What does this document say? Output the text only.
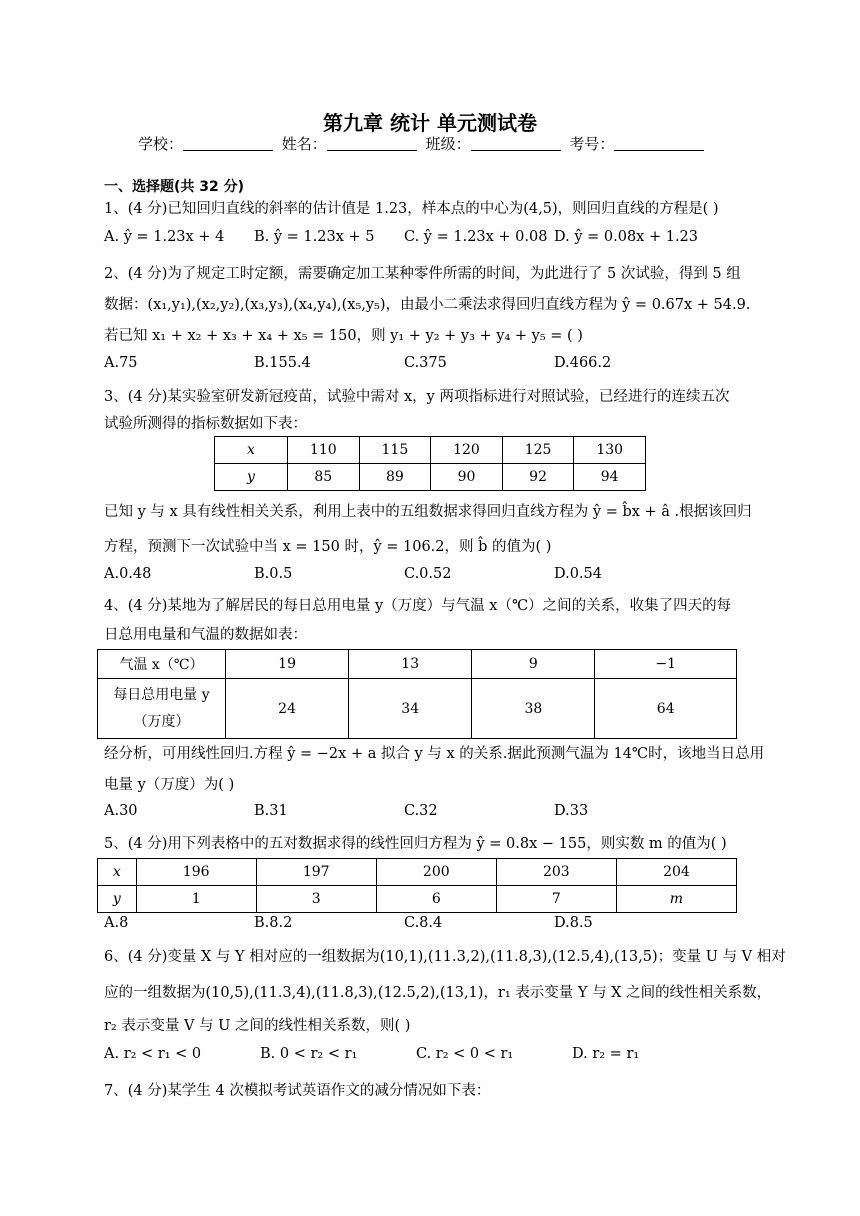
第九章 统计 单元测试卷
学校：	姓名：	班级：	考号：
一、选择题(共 32 分)
1、(4 分)已知回归直线的斜率的估计值是 1.23，样本点的中心为(4,5)，则回归直线的方程是( )
A. ŷ = 1.23x + 4 B. ŷ = 1.23x + 5 C. ŷ = 1.23x + 0.08 D. ŷ = 0.08x + 1.23
2、(4 分)为了规定工时定额，需要确定加工某种零件所需的时间，为此进行了 5 次试验，得到 5 组
数据：(x₁,y₁),(x₂,y₂),(x₃,y₃),(x₄,y₄),(x₅,y₅)，由最小二乘法求得回归直线方程为 ŷ = 0.67x + 54.9.
若已知 x₁ + x₂ + x₃ + x₄ + x₅ = 150，则 y₁ + y₂ + y₃ + y₄ + y₅ = ( )
A.75	B.155.4	C.375	D.466.2
3、(4 分)某实验室研发新冠疫苗，试验中需对 x，y 两项指标进行对照试验，已经进行的连续五次
试验所测得的指标数据如下表：
x	110	115	120	125	130
y	85	89	90	92	94
已知 y 与 x 具有线性相关关系，利用上表中的五组数据求得回归直线方程为 ŷ = b̂x + â .根据该回归
方程，预测下一次试验中当 x = 150 时，ŷ = 106.2，则 b̂ 的值为( )
A.0.48	B.0.5	C.0.52	D.0.54
4、(4 分)某地为了解居民的每日总用电量 y（万度）与气温 x（℃）之间的关系，收集了四天的每
日总用电量和气温的数据如表：
气温 x（℃）	19	13	9	−1

每日总用电量 y
（万度）	24	34	38	64
经分析，可用线性回归.方程 ŷ = −2x + a 拟合 y 与 x 的关系.据此预测气温为 14℃时，该地当日总用
电量 y（万度）为( )
A.30	B.31	C.32	D.33
5、(4 分)用下列表格中的五对数据求得的线性回归方程为 ŷ = 0.8x − 155，则实数 m 的值为( )
x	196	197	200	203	204
y	1	3	6	7	m
A.8	B.8.2	C.8.4	D.8.5
6、(4 分)变量 X 与 Y 相对应的一组数据为(10,1),(11.3,2),(11.8,3),(12.5,4),(13,5)；变量 U 与 V 相对
应的一组数据为(10,5),(11.3,4),(11.8,3),(12.5,2),(13,1)，r₁ 表示变量 Y 与 X 之间的线性相关系数，
r₂ 表示变量 V 与 U 之间的线性相关系数，则( )
A. r₂ < r₁ < 0	B. 0 < r₂ < r₁	C. r₂ < 0 < r₁	D. r₂ = r₁
7、(4 分)某学生 4 次模拟考试英语作文的减分情况如下表：
